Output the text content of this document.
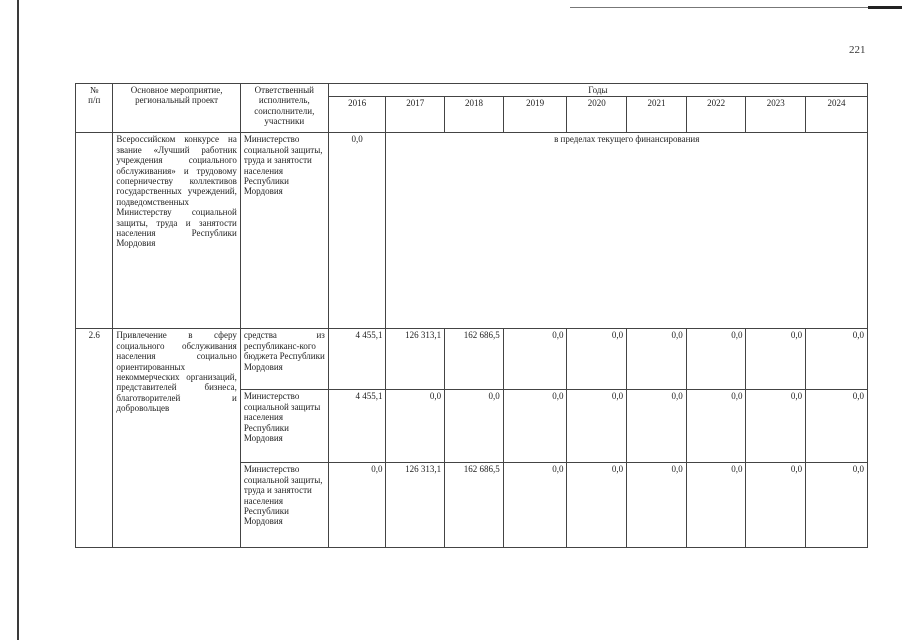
221
№
п/п	Основное мероприятие, региональный проект	Ответственный исполнитель, соисполнители, участники	Годы								
			2016	2017	2018	2019	2020	2021	2022	2023	2024
	Всероссийском конкурсе на звание «Лучший работник учреждения социального обслуживания» и трудовому соперничеству коллективов государственных учреждений, подведомственных Министерству социальной защиты, труда и занятости населения Республики Мордовия	Министерство социальной защиты, труда и занятости населения Республики Мордовия	0,0	в пределах текущего финансирования							
2.6	Привлечение в сферу социального обслуживания населения социально ориентированных некоммерческих организаций, представителей бизнеса, благотворителей и добровольцев	средства из республиканс-кого бюджета Республики Мордовия	4 455,1	126 313,1	162 686,5	0,0	0,0	0,0	0,0	0,0	0,0
		Министерство социальной защиты населения Республики Мордовия	4 455,1	0,0	0,0	0,0	0,0	0,0	0,0	0,0	0,0
		Министерство социальной защиты, труда и занятости населения Республики Мордовия	0,0	126 313,1	162 686,5	0,0	0,0	0,0	0,0	0,0	0,0
